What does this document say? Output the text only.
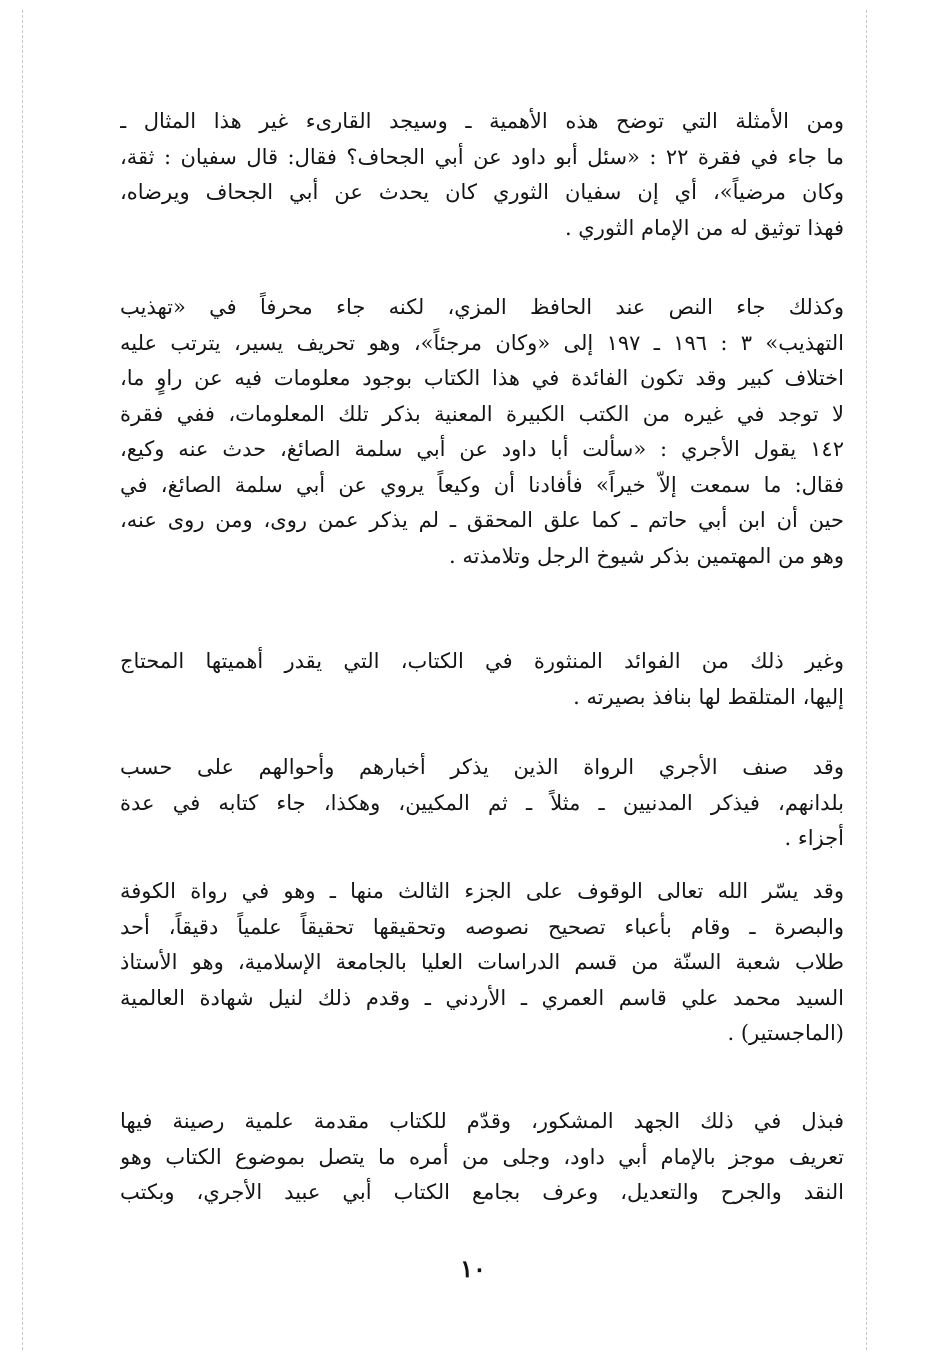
ومن الأمثلة التي توضح هذه الأهمية ـ وسيجد القارىء غير هذا المثال ـ
ما جاء في فقرة ٢٢ : «سئل أبو داود عن أبي الجحاف؟ فقال: قال سفيان : ثقة،
وكان مرضياً»، أي إن سفيان الثوري كان يحدث عن أبي الجحاف ويرضاه،
فهذا توثيق له من الإمام الثوري .
وكذلك جاء النص عند الحافظ المزي، لكنه جاء محرفاً في «تهذيب
التهذيب» ٣ : ١٩٦ ـ ١٩٧ إلى «وكان مرجئاً»، وهو تحريف يسير، يترتب عليه
اختلاف كبير وقد تكون الفائدة في هذا الكتاب بوجود معلومات فيه عن راوٍ ما،
لا توجد في غيره من الكتب الكبيرة المعنية بذكر تلك المعلومات، ففي فقرة
١٤٢ يقول الأجري : «سألت أبا داود عن أبي سلمة الصائغ، حدث عنه وكيع،
فقال: ما سمعت إلاّ خيراً» فأفادنا أن وكيعاً يروي عن أبي سلمة الصائغ، في
حين أن ابن أبي حاتم ـ كما علق المحقق ـ لم يذكر عمن روى، ومن روى عنه،
وهو من المهتمين بذكر شيوخ الرجل وتلامذته .
وغير ذلك من الفوائد المنثورة في الكتاب، التي يقدر أهميتها المحتاج
إليها، المتلقط لها بنافذ بصيرته .
وقد صنف الأجري الرواة الذين يذكر أخبارهم وأحوالهم على حسب
بلدانهم، فيذكر المدنيين ـ مثلاً ـ ثم المكيين، وهكذا، جاء كتابه في عدة
أجزاء .
وقد يسّر الله تعالى الوقوف على الجزء الثالث منها ـ وهو في رواة الكوفة
والبصرة ـ وقام بأعباء تصحيح نصوصه وتحقيقها تحقيقاً علمياً دقيقاً، أحد
طلاب شعبة السنّة من قسم الدراسات العليا بالجامعة الإسلامية، وهو الأستاذ
السيد محمد علي قاسم العمري ـ الأردني ـ وقدم ذلك لنيل شهادة العالمية
(الماجستير) .
فبذل في ذلك الجهد المشكور، وقدّم للكتاب مقدمة علمية رصينة فيها
تعريف موجز بالإمام أبي داود، وجلى من أمره ما يتصل بموضوع الكتاب وهو
النقد والجرح والتعديل، وعرف بجامع الكتاب أبي عبيد الأجري، وبكتب
١٠
